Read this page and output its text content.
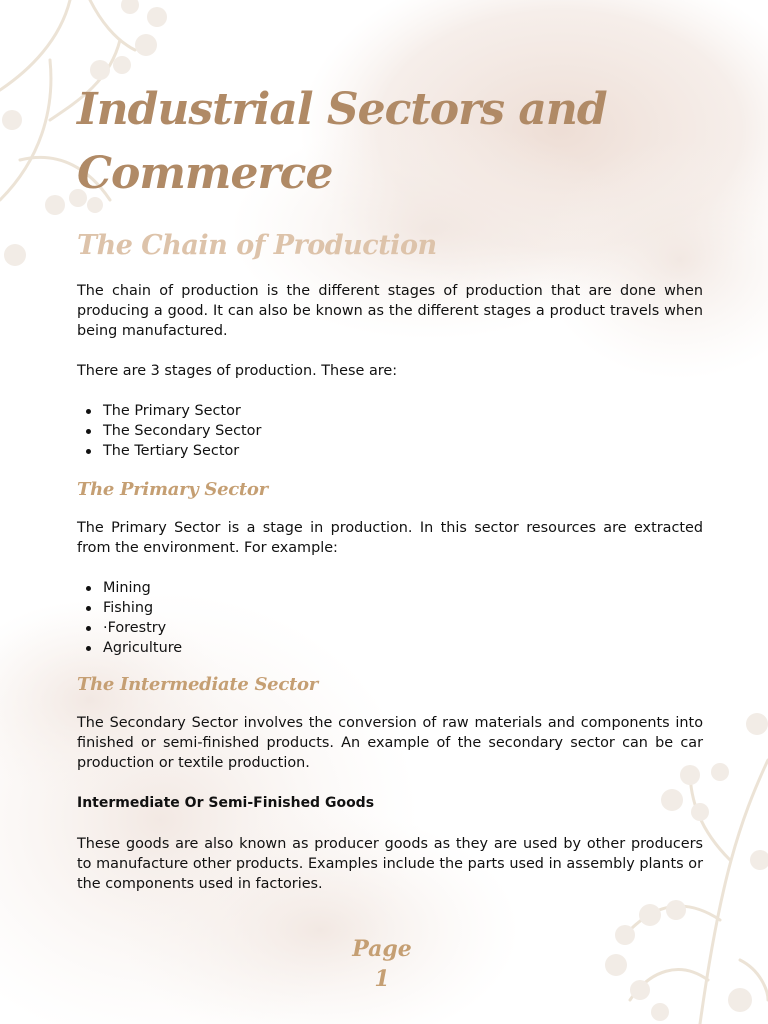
Industrial Sectors and Commerce
The Chain of Production

The chain of production is the different stages of production that are done when producing a good. It can also be known as the different stages a product travels when being manufactured.

There are 3 stages of production. These are:

The Primary Sector
The Secondary Sector
The Tertiary Sector
The Primary Sector

The Primary Sector is a stage in production. In this sector resources are extracted from the environment. For example:

Mining
Fishing
·Forestry
Agriculture
The Intermediate Sector

The Secondary Sector involves the conversion of raw materials and components into finished or semi-finished products. An example of the secondary sector can be car production or textile production.

Intermediate Or Semi-Finished Goods

These goods are also known as producer goods as they are used by other producers to manufacture other products. Examples include the parts used in assembly plants or the components used in factories.

Page 1
